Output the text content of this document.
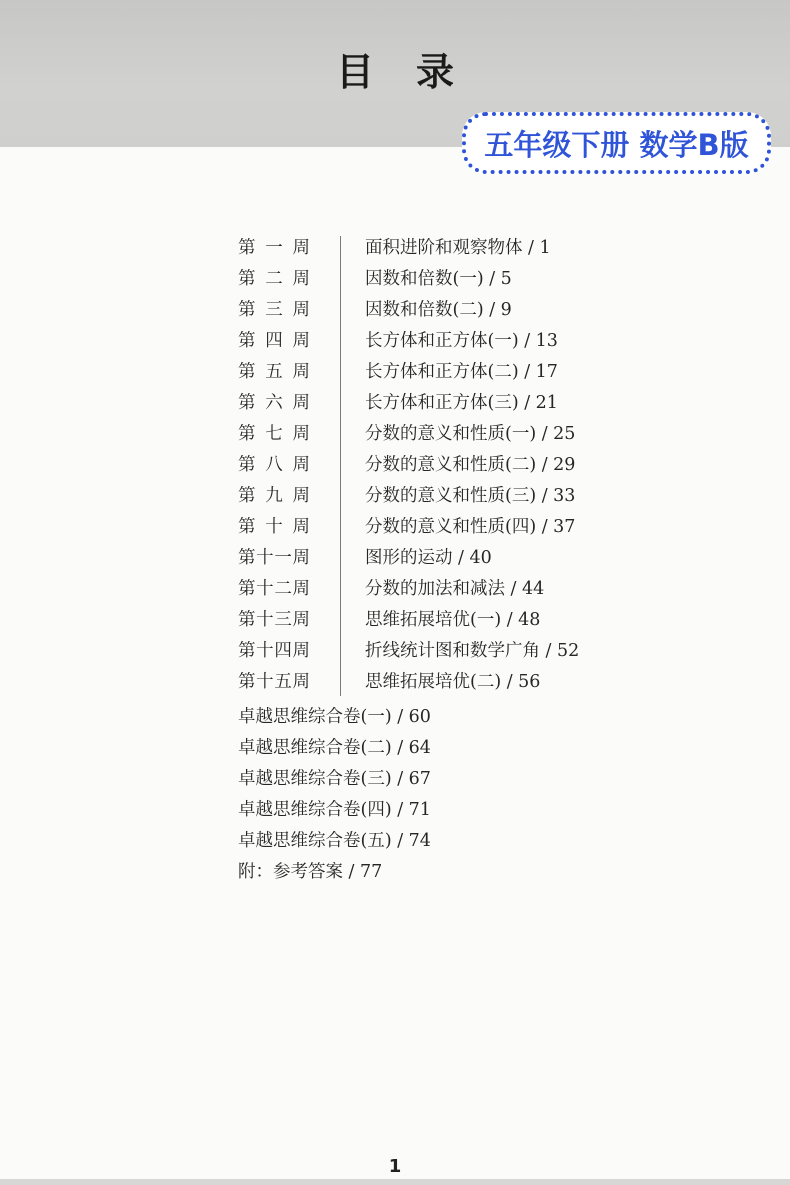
目录
五年级下册 数学B版
第 一 周	面积进阶和观察物体 / 1
第 二 周	因数和倍数(一) / 5
第 三 周	因数和倍数(二) / 9
第 四 周	长方体和正方体(一) / 13
第 五 周	长方体和正方体(二) / 17
第 六 周	长方体和正方体(三) / 21
第 七 周	分数的意义和性质(一) / 25
第 八 周	分数的意义和性质(二) / 29
第 九 周	分数的意义和性质(三) / 33
第 十 周	分数的意义和性质(四) / 37
第 十 一 周	图形的运动 / 40
第 十 二 周	分数的加法和减法 / 44
第 十 三 周	思维拓展培优(一) / 48
第 十 四 周	折线统计图和数学广角 / 52
第 十 五 周	思维拓展培优(二) / 56
卓越思维综合卷(一) / 60
卓越思维综合卷(二) / 64
卓越思维综合卷(三) / 67
卓越思维综合卷(四) / 71
卓越思维综合卷(五) / 74
附：参考答案 / 77
1
